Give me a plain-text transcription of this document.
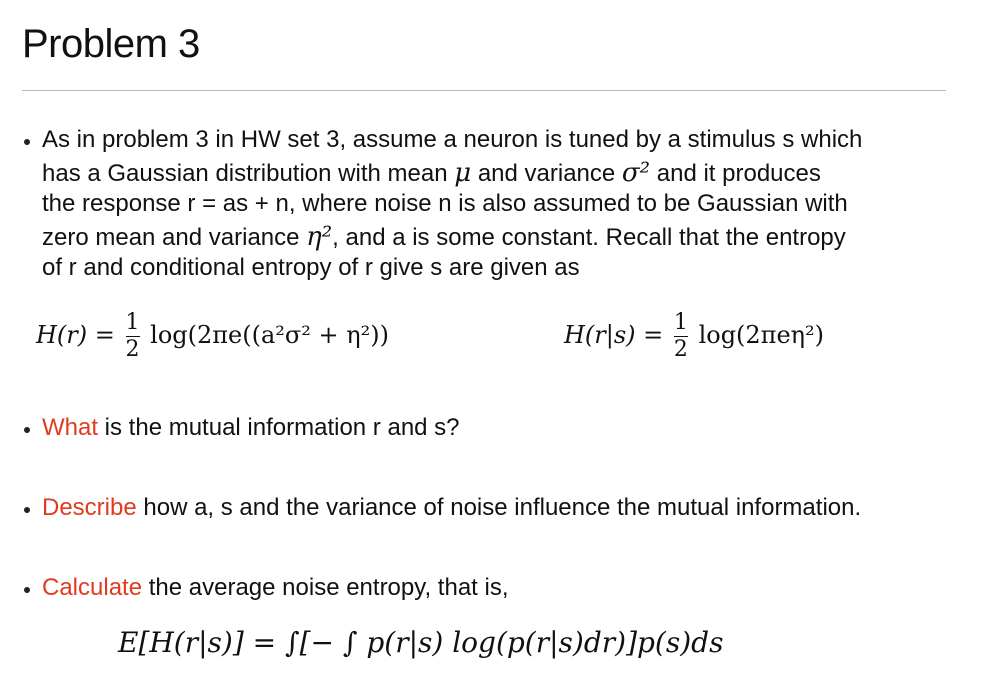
Problem 3
As in problem 3 in HW set 3, assume a neuron is tuned by a stimulus s which
has a Gaussian distribution with mean μ and variance σ² and it produces
the response r = as + n, where noise n is also assumed to be Gaussian with
zero mean and variance η², and a is some constant. Recall that the entropy
of r and conditional entropy of r give s are given as
$H(r) = \frac{1}{2} \log(2\pi e((a^2\sigma^2 + \eta^2))$	$H(r|s) = \frac{1}{2} \log(2\pi e\eta^2)$
What is the mutual information r and s?
Describe how a, s and the variance of noise influence the mutual information.
Calculate the average noise entropy, that is,
E[H(r|s)] = ∫[− ∫ p(r|s) log(p(r|s)dr)]p(s)ds
